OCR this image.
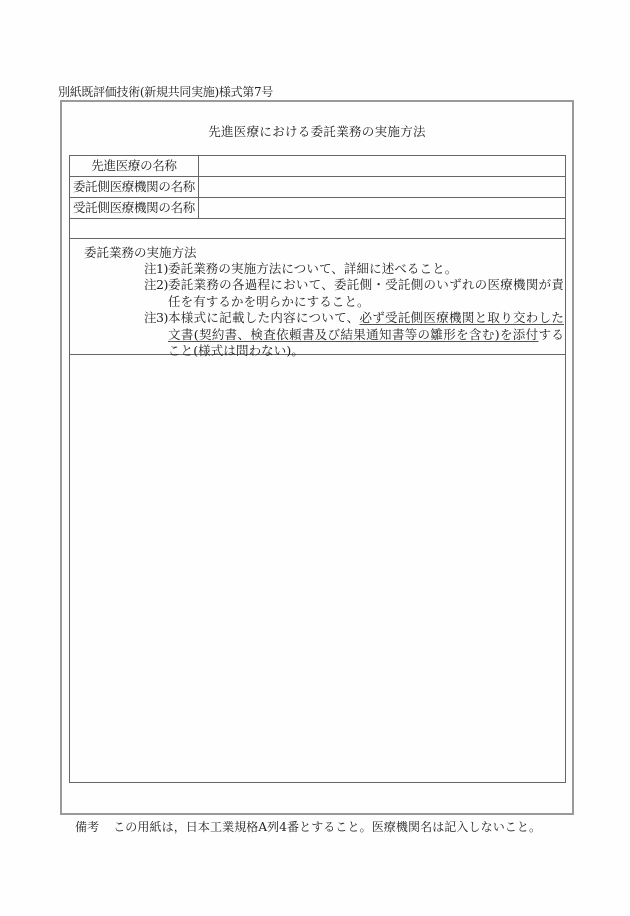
別紙既評価技術(新規共同実施)様式第7号
先進医療における委託業務の実施方法
先進医療の名称	
委託側医療機関の名称	
受託側医療機関の名称	

委託業務の実施方法
注1) 委託業務の実施方法について、詳細に述べること。
注2) 委託業務の各過程において、委託側・受託側のいずれの医療機関が責任を有するかを明らかにすること。
注3) 本様式に記載した内容について、必ず受託側医療機関と取り交わした文書(契約書、検査依頼書及び結果通知書等の雛形を含む)を添付すること(様式は問わない)。
備考 この用紙は，日本工業規格A列4番とすること。医療機関名は記入しないこと。
